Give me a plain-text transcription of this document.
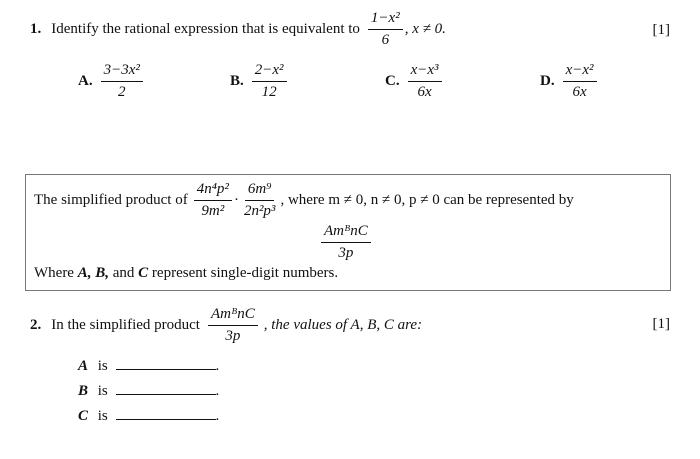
1. Identify the rational expression that is equivalent to $\frac{\text{1−x²}}{6}$ , x ≠ 0.	[1]
A. $\frac{\text{3−3x²}}{2}$	B. $\frac{\text{2−x²}}{12}$	C. $\frac{\text{x−x³}}{6x}$	D. $\frac{\text{x−x²}}{6x}$
The simplified product of $\frac{\text{4n⁴p²}}{\text{9m²}} \cdot \frac{\text{6m⁹}}{\text{2n²p³}}$ , where m ≠ 0, n ≠ 0, p ≠ 0 can be represented by
$\frac{\text{AmᴮnC}}{3p}$
Where A, B, and C represent single-digit numbers.
2. In the simplified product $\frac{\text{AmᴮnC}}{3p}$ , the values of A, B, C are:	[1]
A is	.
B is	.
C is	.
